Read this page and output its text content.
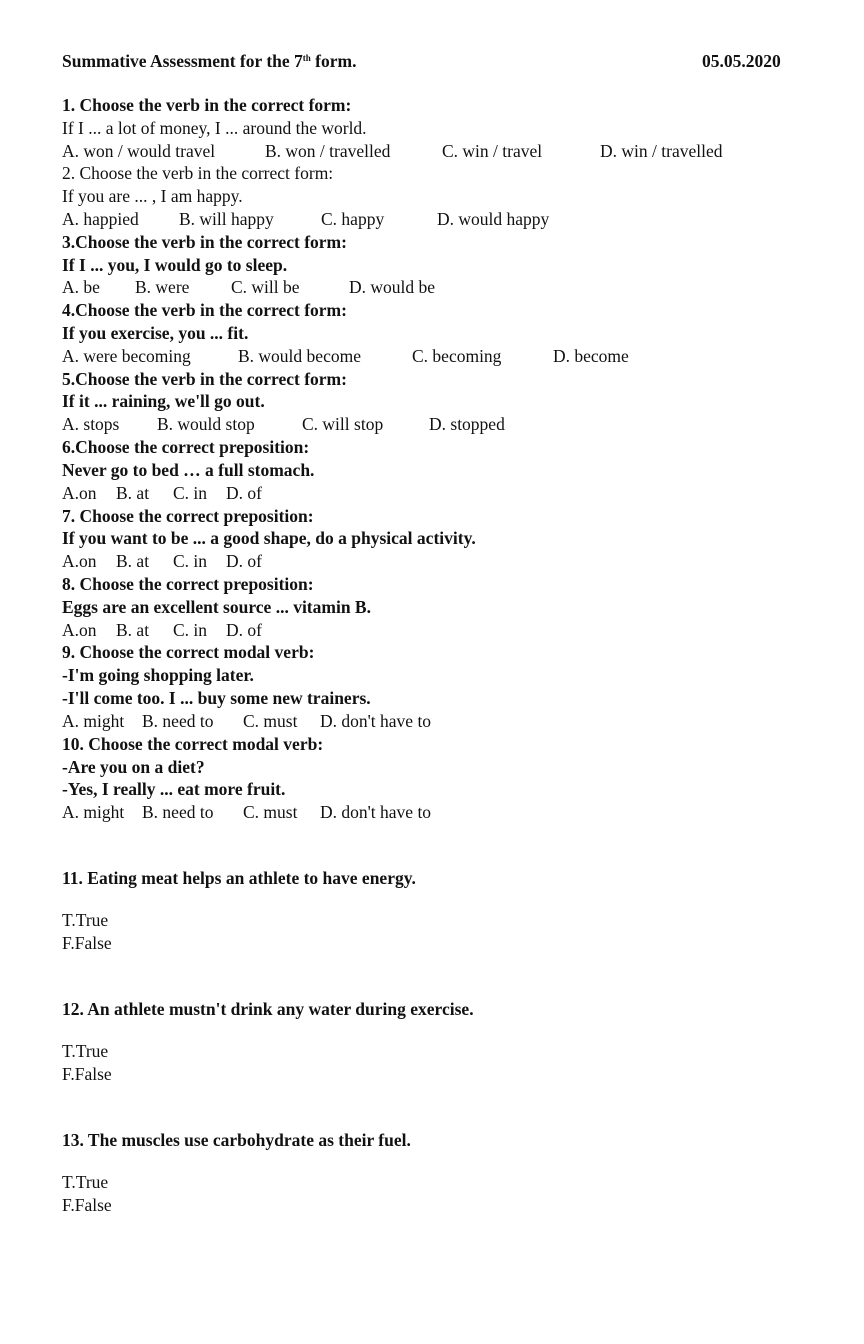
Summative Assessment for the 7th form.	05.05.2020
1. Choose the verb in the correct form:
If I ... a lot of money, I ... around the world.
A. won / would travel	B. won / travelled	C. win / travel	D. win / travelled
2. Choose the verb in the correct form:
If you are ... , I am happy.
A. happied B. will happy	C. happy	D. would happy
3.Choose the verb in the correct form:
If I ... you, I would go to sleep.
A. be B. were C. will be	D. would be
4.Choose the verb in the correct form:
If you exercise, you ... fit.
A. were becoming	B. would become	C. becoming	D. become
5.Choose the verb in the correct form:
If it ... raining, we'll go out.
A. stops B. would stop	C. will stop	D. stopped
6.Choose the correct preposition:
Never go to bed … a full stomach.
A.on B. at C. in D. of
7. Choose the correct preposition:
If you want to be ... a good shape, do a physical activity.
A.on B. at C. in D. of
8. Choose the correct preposition:
Eggs are an excellent source ... vitamin B.
A.on B. at C. in D. of
9. Choose the correct modal verb:
-I'm going shopping later.
-I'll come too. I ... buy some new trainers.
A. might B. need to C. must D. don't have to
10. Choose the correct modal verb:
-Are you on a diet?
-Yes, I really ... eat more fruit.
A. might B. need to C. must D. don't have to
11. Eating meat helps an athlete to have energy.
T.True
F.False
12. An athlete mustn't drink any water during exercise.
T.True
F.False
13. The muscles use carbohydrate as their fuel.
T.True
F.False
